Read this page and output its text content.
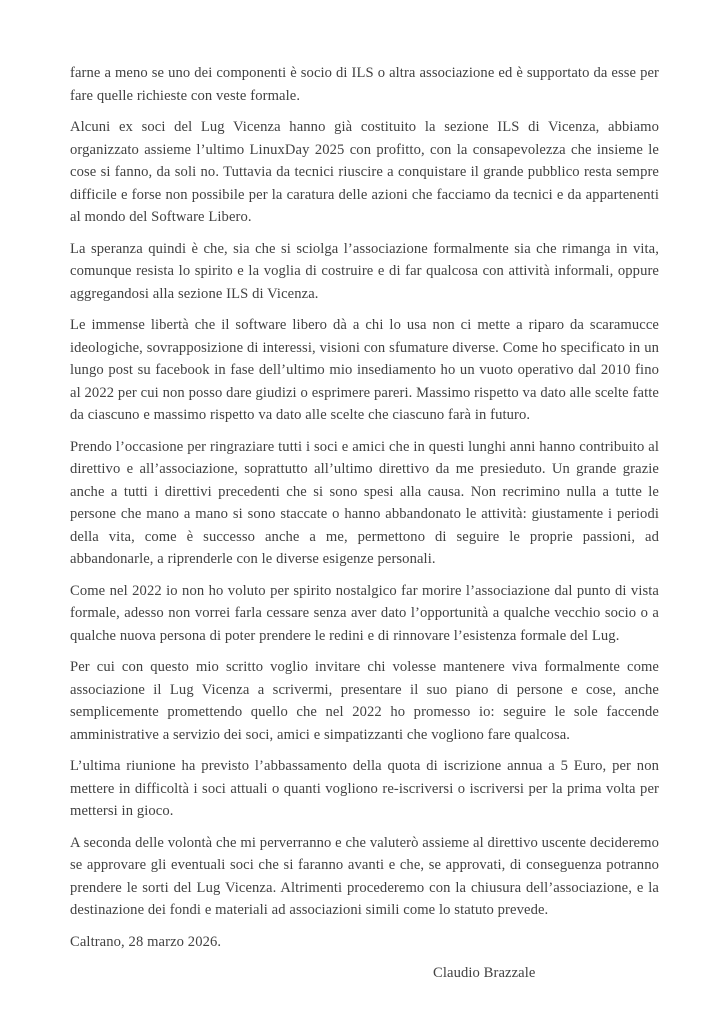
farne a meno se uno dei componenti è socio di ILS o altra associazione ed è supportato da esse per fare quelle richieste con veste formale.

Alcuni ex soci del Lug Vicenza hanno già costituito la sezione ILS di Vicenza, abbiamo organizzato assieme l’ultimo LinuxDay 2025 con profitto, con la consapevolezza che insieme le cose si fanno, da soli no. Tuttavia da tecnici riuscire a conquistare il grande pubblico resta sempre difficile e forse non possibile per la caratura delle azioni che facciamo da tecnici e da appartenenti al mondo del Software Libero.

La speranza quindi è che, sia che si sciolga l’associazione formalmente sia che rimanga in vita, comunque resista lo spirito e la voglia di costruire e di far qualcosa con attività informali, oppure aggregandosi alla sezione ILS di Vicenza.

Le immense libertà che il software libero dà a chi lo usa non ci mette a riparo da scaramucce ideologiche, sovrapposizione di interessi, visioni con sfumature diverse. Come ho specificato in un lungo post su facebook in fase dell’ultimo mio insediamento ho un vuoto operativo dal 2010 fino al 2022 per cui non posso dare giudizi o esprimere pareri. Massimo rispetto va dato alle scelte fatte da ciascuno e massimo rispetto va dato alle scelte che ciascuno farà in futuro.

Prendo l’occasione per ringraziare tutti i soci e amici che in questi lunghi anni hanno contribuito al direttivo e all’associazione, soprattutto all’ultimo direttivo da me presieduto. Un grande grazie anche a tutti i direttivi precedenti che si sono spesi alla causa. Non recrimino nulla a tutte le persone che mano a mano si sono staccate o hanno abbandonato le attività: giustamente i periodi della vita, come è successo anche a me, permettono di seguire le proprie passioni, ad abbandonarle, a riprenderle con le diverse esigenze personali.

Come nel 2022 io non ho voluto per spirito nostalgico far morire l’associazione dal punto di vista formale, adesso non vorrei farla cessare senza aver dato l’opportunità a qualche vecchio socio o a qualche nuova persona di poter prendere le redini e di rinnovare l’esistenza formale del Lug.

Per cui con questo mio scritto voglio invitare chi volesse mantenere viva formalmente come associazione il Lug Vicenza a scrivermi, presentare il suo piano di persone e cose, anche semplicemente promettendo quello che nel 2022 ho promesso io: seguire le sole faccende amministrative a servizio dei soci, amici e simpatizzanti che vogliono fare qualcosa.

L’ultima riunione ha previsto l’abbassamento della quota di iscrizione annua a 5 Euro, per non mettere in difficoltà i soci attuali o quanti vogliono re-iscriversi o iscriversi per la prima volta per mettersi in gioco.

A seconda delle volontà che mi perverranno e che valuterò assieme al direttivo uscente decideremo se approvare gli eventuali soci che si faranno avanti e che, se approvati, di conseguenza potranno prendere le sorti del Lug Vicenza. Altrimenti procederemo con la chiusura dell’associazione, e la destinazione dei fondi e materiali ad associazioni simili come lo statuto prevede.

Caltrano, 28 marzo 2026.

Claudio Brazzale
